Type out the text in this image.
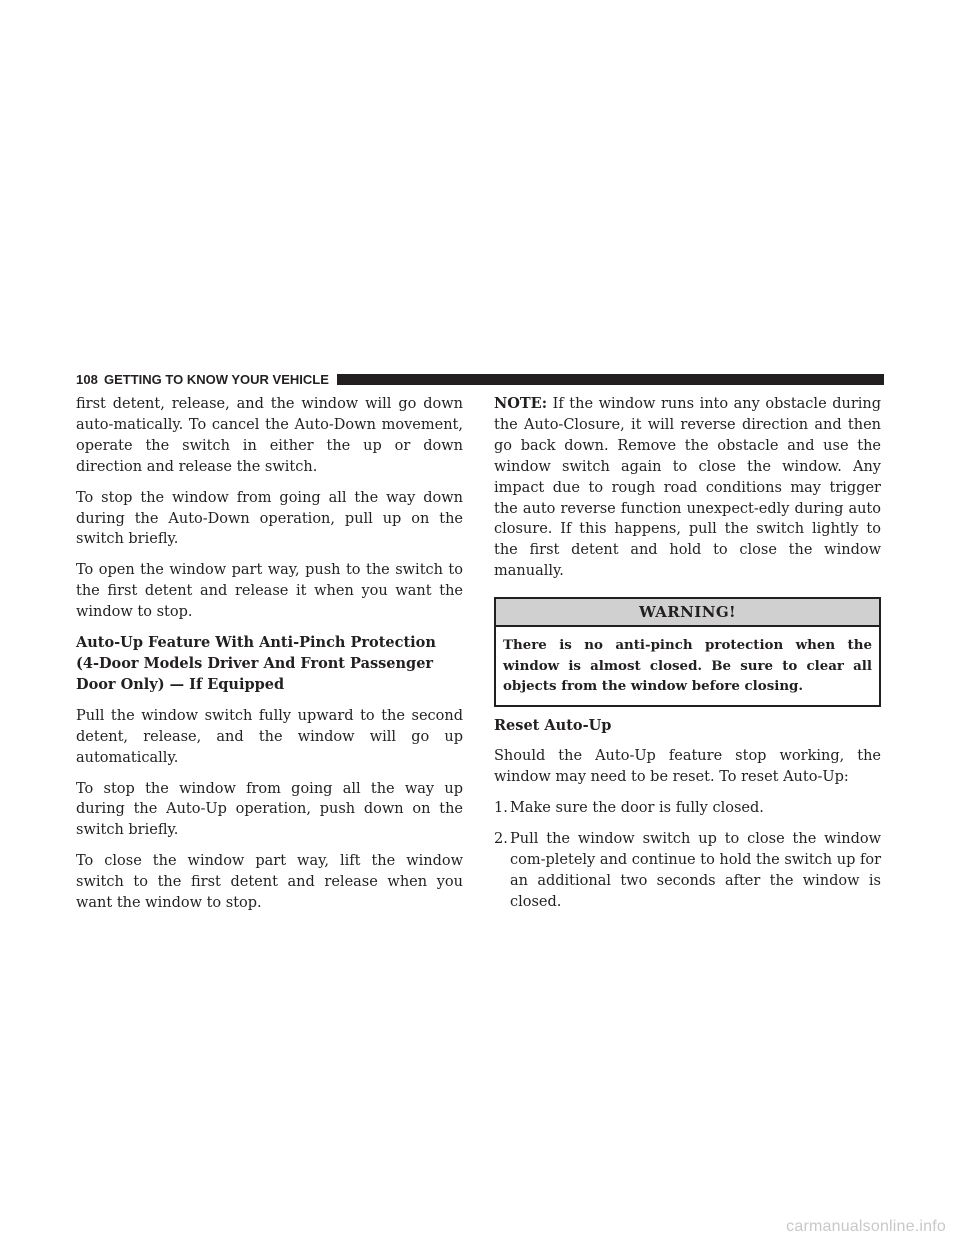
108 GETTING TO KNOW YOUR VEHICLE

first detent, release, and the window will go down auto-matically. To cancel the Auto-Down movement, operate the switch in either the up or down direction and release the switch.

To stop the window from going all the way down during the Auto-Down operation, pull up on the switch briefly.

To open the window part way, push to the switch to the first detent and release it when you want the window to stop.

Auto-Up Feature With Anti-Pinch Protection (4-Door Models Driver And Front Passenger Door Only) — If Equipped

Pull the window switch fully upward to the second detent, release, and the window will go up automatically.

To stop the window from going all the way up during the Auto-Up operation, push down on the switch briefly.

To close the window part way, lift the window switch to the first detent and release when you want the window to stop.

NOTE: If the window runs into any obstacle during the Auto-Closure, it will reverse direction and then go back down. Remove the obstacle and use the window switch again to close the window. Any impact due to rough road conditions may trigger the auto reverse function unexpect-edly during auto closure. If this happens, pull the switch lightly to the first detent and hold to close the window manually.

WARNING!
There is no anti-pinch protection when the window is almost closed. Be sure to clear all objects from the window before closing.

Reset Auto-Up

Should the Auto-Up feature stop working, the window may need to be reset. To reset Auto-Up:

1. Make sure the door is fully closed.
2. Pull the window switch up to close the window com-pletely and continue to hold the switch up for an additional two seconds after the window is closed.
carmanualsonline.info
